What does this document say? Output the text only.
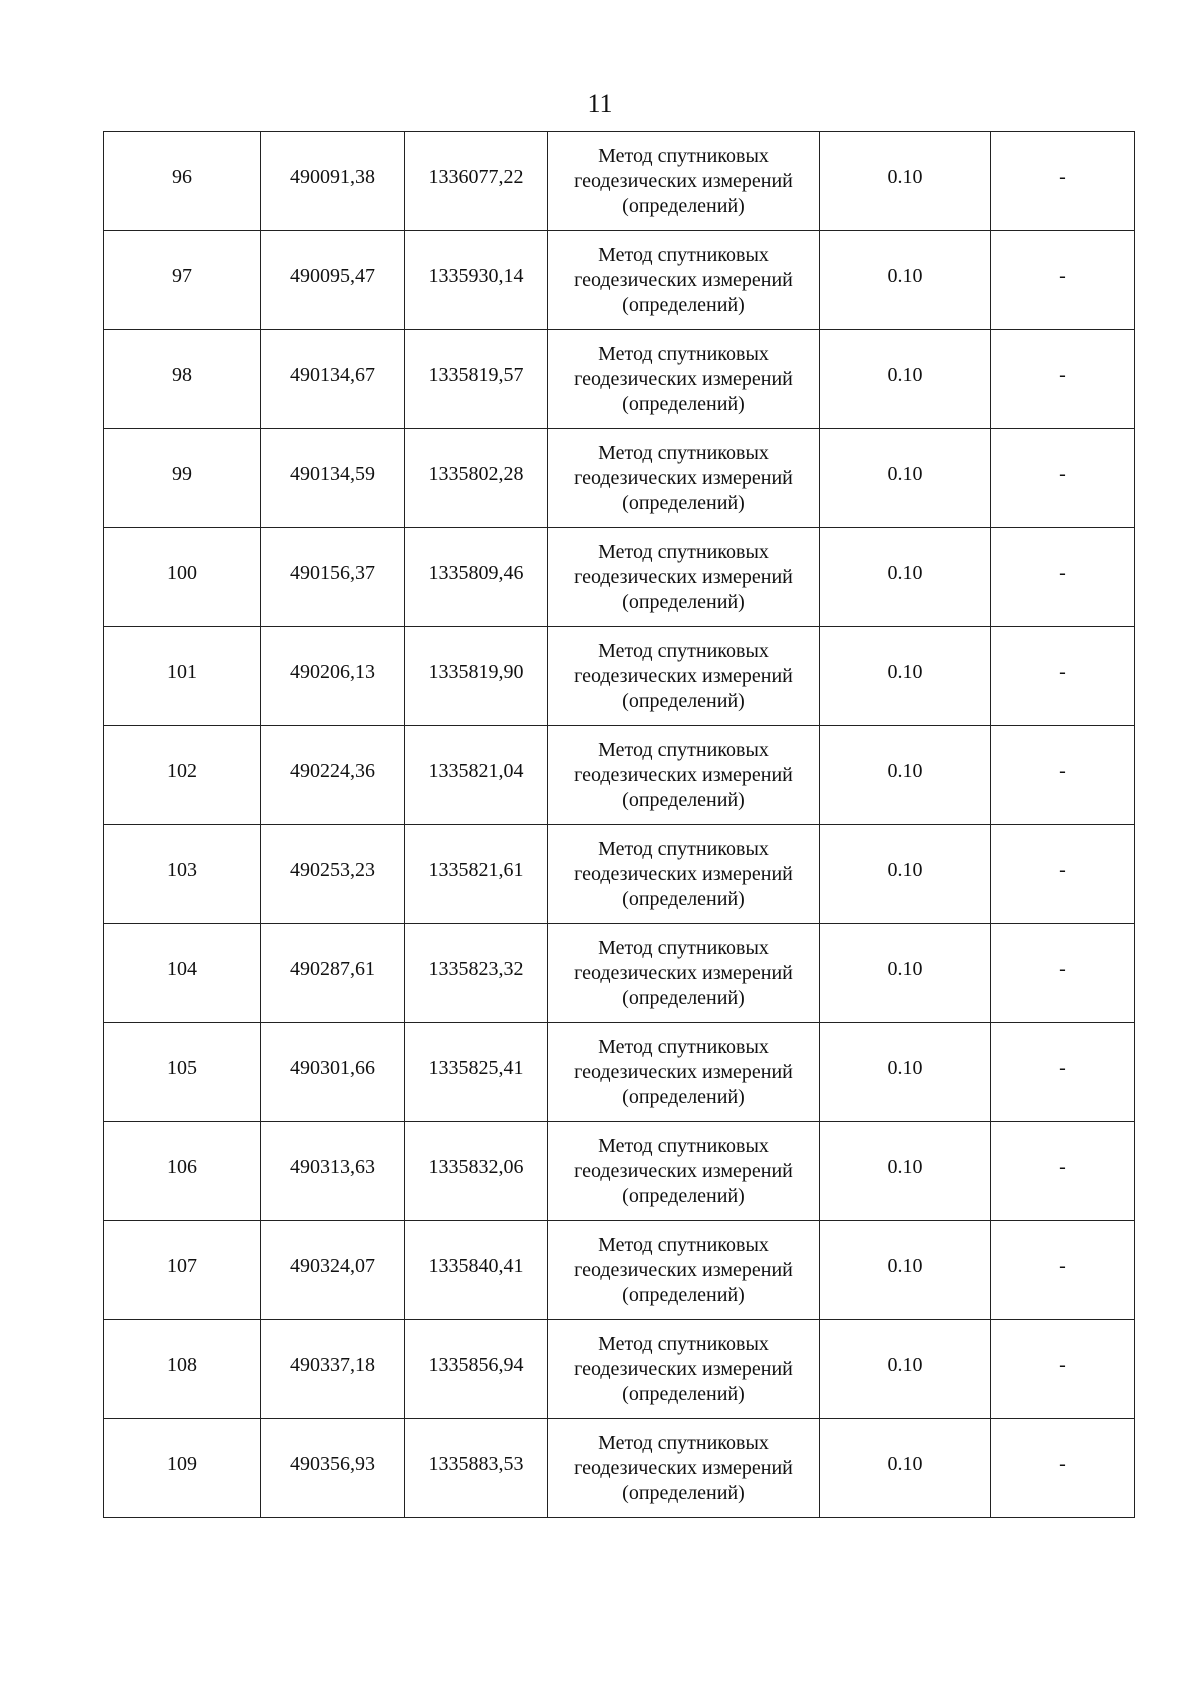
11
96	490091,38	1336077,22	Метод спутниковых
геодезических измерений
(определений)	0.10	-
97	490095,47	1335930,14	Метод спутниковых
геодезических измерений
(определений)	0.10	-
98	490134,67	1335819,57	Метод спутниковых
геодезических измерений
(определений)	0.10	-
99	490134,59	1335802,28	Метод спутниковых
геодезических измерений
(определений)	0.10	-
100	490156,37	1335809,46	Метод спутниковых
геодезических измерений
(определений)	0.10	-
101	490206,13	1335819,90	Метод спутниковых
геодезических измерений
(определений)	0.10	-
102	490224,36	1335821,04	Метод спутниковых
геодезических измерений
(определений)	0.10	-
103	490253,23	1335821,61	Метод спутниковых
геодезических измерений
(определений)	0.10	-
104	490287,61	1335823,32	Метод спутниковых
геодезических измерений
(определений)	0.10	-
105	490301,66	1335825,41	Метод спутниковых
геодезических измерений
(определений)	0.10	-
106	490313,63	1335832,06	Метод спутниковых
геодезических измерений
(определений)	0.10	-
107	490324,07	1335840,41	Метод спутниковых
геодезических измерений
(определений)	0.10	-
108	490337,18	1335856,94	Метод спутниковых
геодезических измерений
(определений)	0.10	-
109	490356,93	1335883,53	Метод спутниковых
геодезических измерений
(определений)	0.10	-
